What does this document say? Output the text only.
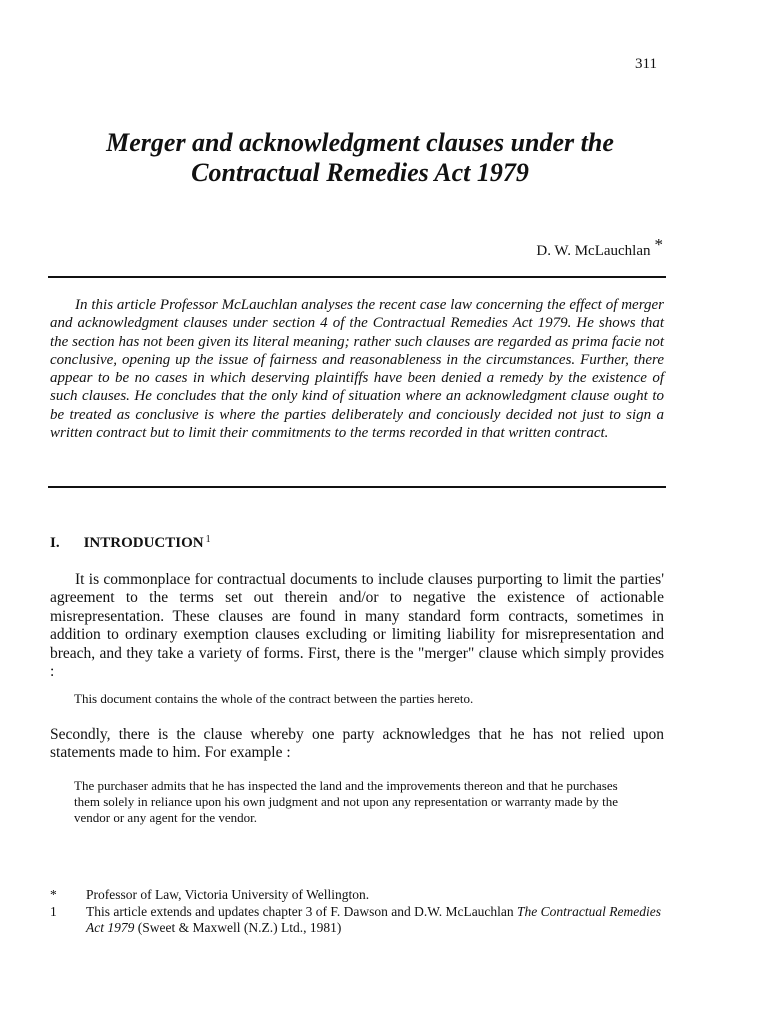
311
Merger and acknowledgment clauses under the
Contractual Remedies Act 1979
D. W. McLauchlan *

In this article Professor McLauchlan analyses the recent case law concerning the effect of merger and acknowledgment clauses under section 4 of the Contractual Remedies Act 1979. He shows that the section has not been given its literal meaning; rather such clauses are regarded as prima facie not conclusive, opening up the issue of fairness and reasonableness in the circumstances. Further, there appear to be no cases in which deserving plaintiffs have been denied a remedy by the existence of such clauses. He concludes that the only kind of situation where an acknowledgment clause ought to be treated as conclusive is where the parties deliberately and conciously decided not just to sign a written contract but to limit their commitments to the terms recorded in that written contract.

I. INTRODUCTION $^1$

It is commonplace for contractual documents to include clauses purporting to limit the parties' agreement to the terms set out therein and/or to negative the existence of actionable misrepresentation. These clauses are found in many standard form contracts, sometimes in addition to ordinary exemption clauses excluding or limiting liability for misrepresentation and breach, and they take a variety of forms. First, there is the "merger" clause which simply provides :

This document contains the whole of the contract between the parties hereto.

Secondly, there is the clause whereby one party acknowledges that he has not relied upon statements made to him. For example :

The purchaser admits that he has inspected the land and the improvements thereon and that he purchases them solely in reliance upon his own judgment and not upon any representation or warranty made by the vendor or any agent for the vendor.

*	Professor of Law, Victoria University of Wellington.
1	This article extends and updates chapter 3 of F. Dawson and D.W. McLauchlan The Contractual Remedies Act 1979 (Sweet & Maxwell (N.Z.) Ltd., 1981)
